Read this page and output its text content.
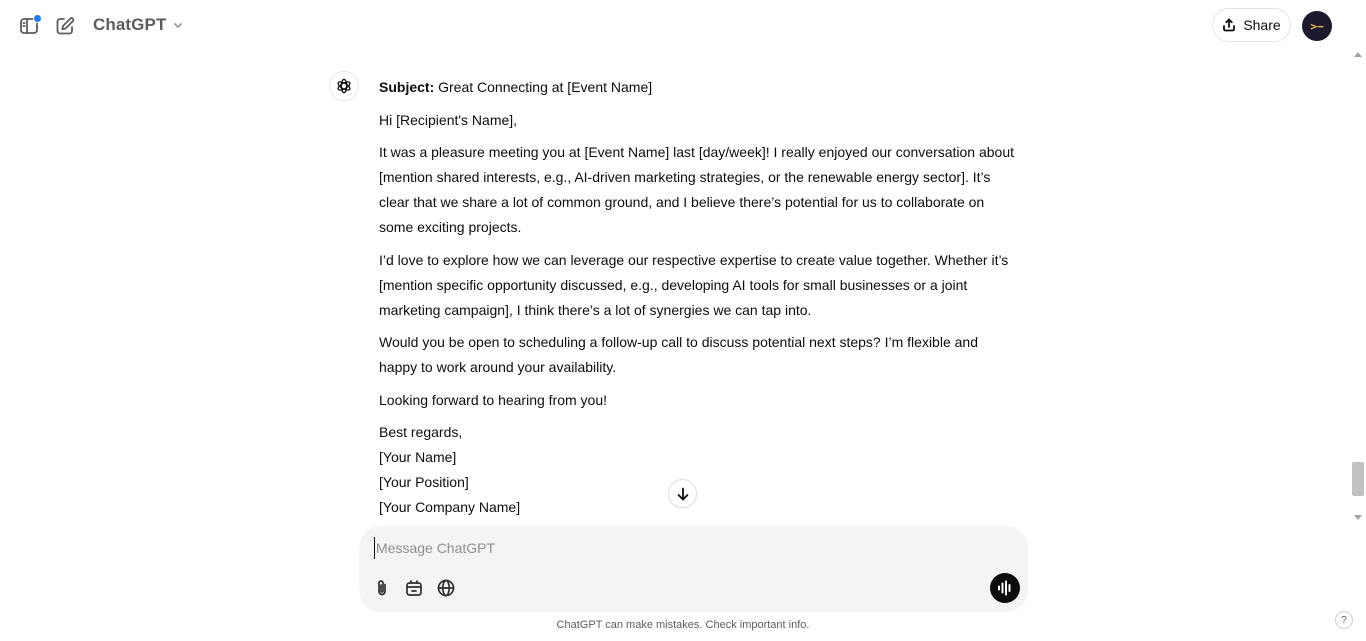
ChatGPT	Share	>−

Subject: Great Connecting at [Event Name]

Hi [Recipient's Name],

It was a pleasure meeting you at [Event Name] last [day/week]! I really enjoyed our conversation about [mention shared interests, e.g., AI-driven marketing strategies, or the renewable energy sector]. It’s clear that we share a lot of common ground, and I believe there’s potential for us to collaborate on some exciting projects.

I’d love to explore how we can leverage our respective expertise to create value together. Whether it’s [mention specific opportunity discussed, e.g., developing AI tools for small businesses or a joint marketing campaign], I think there’s a lot of synergies we can tap into.

Would you be open to scheduling a follow-up call to discuss potential next steps? I’m flexible and happy to work around your availability.

Looking forward to hearing from you!

Best regards,
[Your Name]
[Your Position]
[Your Company Name]
Message ChatGPT
ChatGPT can make mistakes. Check important info.	?
